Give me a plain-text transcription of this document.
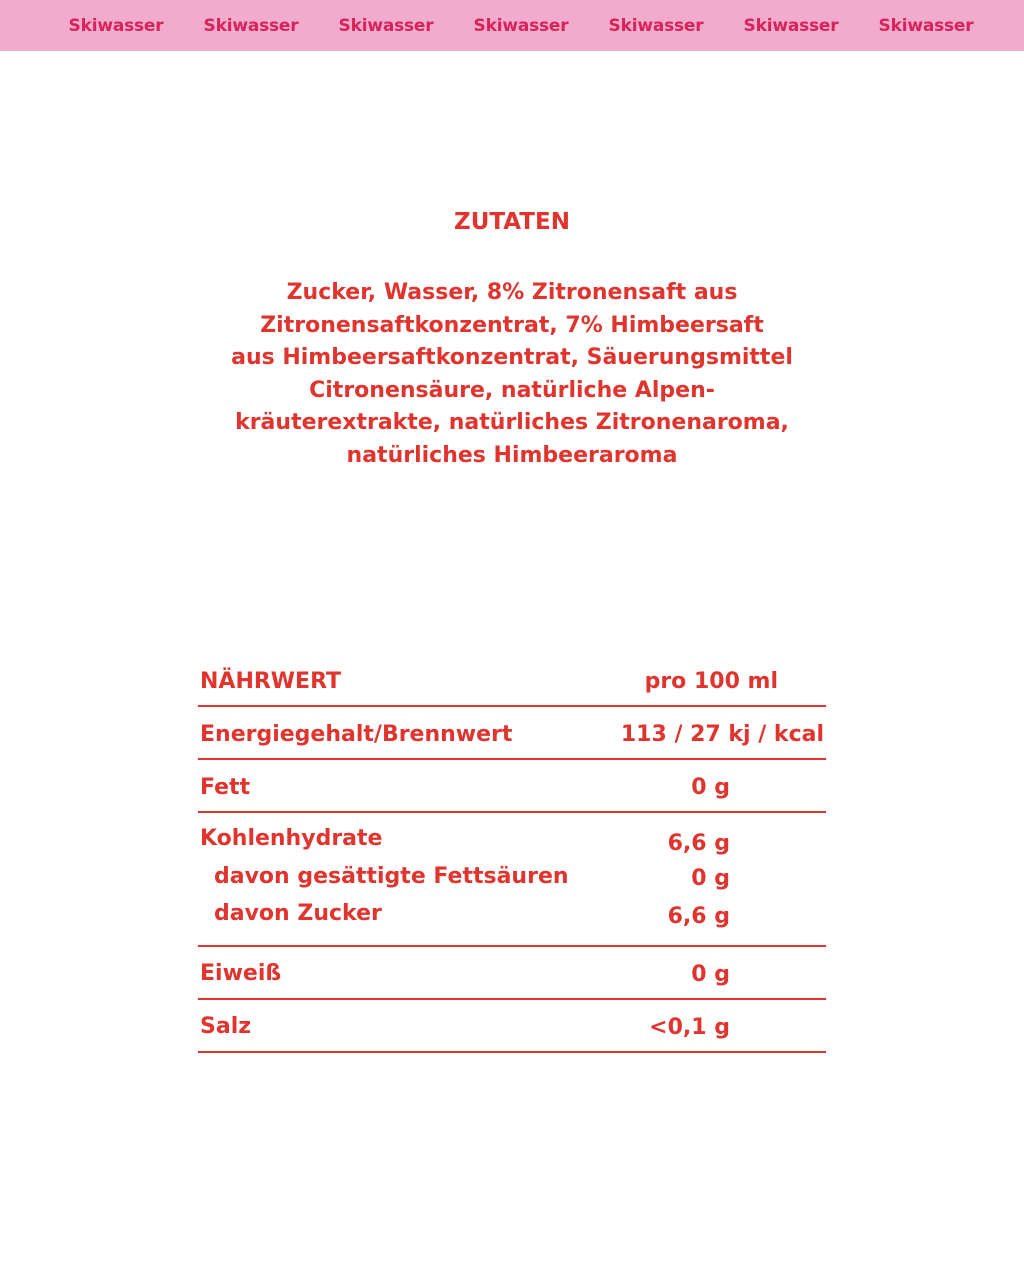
Skiwasser	Skiwasser	Skiwasser	Skiwasser	Skiwasser	Skiwasser	Skiwasser
ZUTATEN
Zucker, Wasser, 8% Zitronensaft aus
Zitronensaftkonzentrat, 7% Himbeersaft
aus Himbeersaftkonzentrat, Säuerungsmittel
Citronensäure, natürliche Alpen-
kräuterextrakte, natürliches Zitronenaroma,
natürliches Himbeeraroma
NÄHRWERT	pro 100 ml
Energiegehalt/Brennwert	113 / 27 kj / kcal
Fett	0 g
Kohlenhydrate	6,6 g
davon gesättigte Fettsäuren	0 g
davon Zucker	6,6 g
Eiweiß	0 g
Salz	<0,1 g
